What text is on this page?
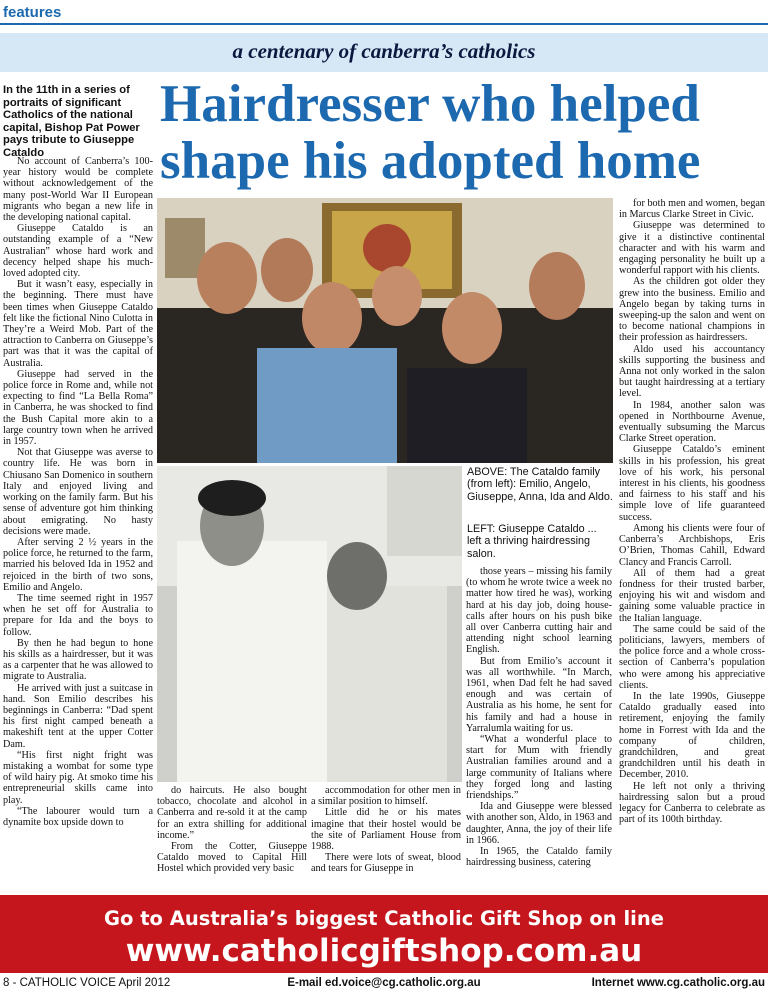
features
a centenary of canberra’s catholics
In the 11th in a series of portraits of significant Catholics of the national capital, Bishop Pat Power pays tribute to Giuseppe Cataldo
Hairdresser who helped shape his adopted home

No account of Canberra’s 100-year history would be complete without acknowledgement of the many post-World War II European migrants who began a new life in the developing national capital.

Giuseppe Cataldo is an outstanding example of a “New Australian” whose hard work and decency helped shape his much-loved adopted city.

But it wasn’t easy, especially in the beginning. There must have been times when Giuseppe Cataldo felt like the fictional Nino Culotta in They’re a Weird Mob. Part of the attraction to Canberra on Giuseppe’s part was that it was the capital of Australia.

Giuseppe had served in the police force in Rome and, while not expecting to find “La Bella Roma” in Canberra, he was shocked to find the Bush Capital more akin to a large country town when he arrived in 1957.

Not that Giuseppe was averse to country life. He was born in Chiusano San Domenico in southern Italy and enjoyed living and working on the family farm. But his sense of adventure got him thinking about emigrating. No hasty decisions were made.

After serving 2 ½ years in the police force, he returned to the farm, married his beloved Ida in 1952 and rejoiced in the birth of two sons, Emilio and Angelo.

The time seemed right in 1957 when he set off for Australia to prepare for Ida and the boys to follow.

By then he had begun to hone his skills as a hairdresser, but it was as a carpenter that he was allowed to migrate to Australia.

He arrived with just a suitcase in hand. Son Emilio describes his beginnings in Canberra: “Dad spent his first night camped beneath a makeshift tent at the upper Cotter Dam.

“His first night fright was mistaking a wombat for some type of wild hairy pig. At smoko time his entrepreneurial skills came into play.

“The labourer would turn a dynamite box upside down to

ABOVE: The Cataldo family (from left): Emilio, Angelo, Giuseppe, Anna, Ida and Aldo.
LEFT: Giuseppe Cataldo ... left a thriving hairdressing salon.

do haircuts. He also bought tobacco, chocolate and alcohol in Canberra and re-sold it at the camp for an extra shilling for additional income.”

From the Cotter, Giuseppe Cataldo moved to Capital Hill Hostel which provided very basic

accommodation for other men in a similar position to himself.

Little did he or his mates imagine that their hostel would be the site of Parliament House from 1988.

There were lots of sweat, blood and tears for Giuseppe in

those years – missing his family (to whom he wrote twice a week no matter how tired he was), working hard at his day job, doing house-calls after hours on his push bike all over Canberra cutting hair and attending night school learning English.

But from Emilio’s account it was all worthwhile. “In March, 1961, when Dad felt he had saved enough and was certain of Australia as his home, he sent for his family and had a house in Yarralumla waiting for us.

“What a wonderful place to start for Mum with friendly Australian families around and a large community of Italians where they forged long and lasting friendships.”

Ida and Giuseppe were blessed with another son, Aldo, in 1963 and daughter, Anna, the joy of their life in 1966.

In 1965, the Cataldo family hairdressing business, catering

for both men and women, began in Marcus Clarke Street in Civic.

Giuseppe was determined to give it a distinctive continental character and with his warm and engaging personality he built up a wonderful rapport with his clients.

As the children got older they grew into the business. Emilio and Angelo began by taking turns in sweeping-up the salon and went on to become national champions in their profession as hairdressers.

Aldo used his accountancy skills supporting the business and Anna not only worked in the salon but taught hairdressing at a tertiary level.

In 1984, another salon was opened in Northbourne Avenue, eventually subsuming the Marcus Clarke Street operation.

Giuseppe Cataldo’s eminent skills in his profession, his great love of his work, his personal interest in his clients, his goodness and fairness to his staff and his simple love of life guaranteed success.

Among his clients were four of Canberra’s Archbishops, Eris O’Brien, Thomas Cahill, Edward Clancy and Francis Carroll.

All of them had a great fondness for their trusted barber, enjoying his wit and wisdom and gaining some valuable practice in the Italian language.

The same could be said of the politicians, lawyers, members of the police force and a whole cross-section of Canberra’s population who were among his appreciative clients.

In the late 1990s, Giuseppe Cataldo gradually eased into retirement, enjoying the family home in Forrest with Ida and the company of children, grandchildren, and great grandchildren until his death in December, 2010.

He left not only a thriving hairdressing salon but a proud legacy for Canberra to celebrate as part of its 100th birthday.

Go to Australia’s biggest Catholic Gift Shop on line
www.catholicgiftshop.com.au
8 - CATHOLIC VOICE April 2012	E-mail ed.voice@cg.catholic.org.au	Internet www.cg.catholic.org.au
